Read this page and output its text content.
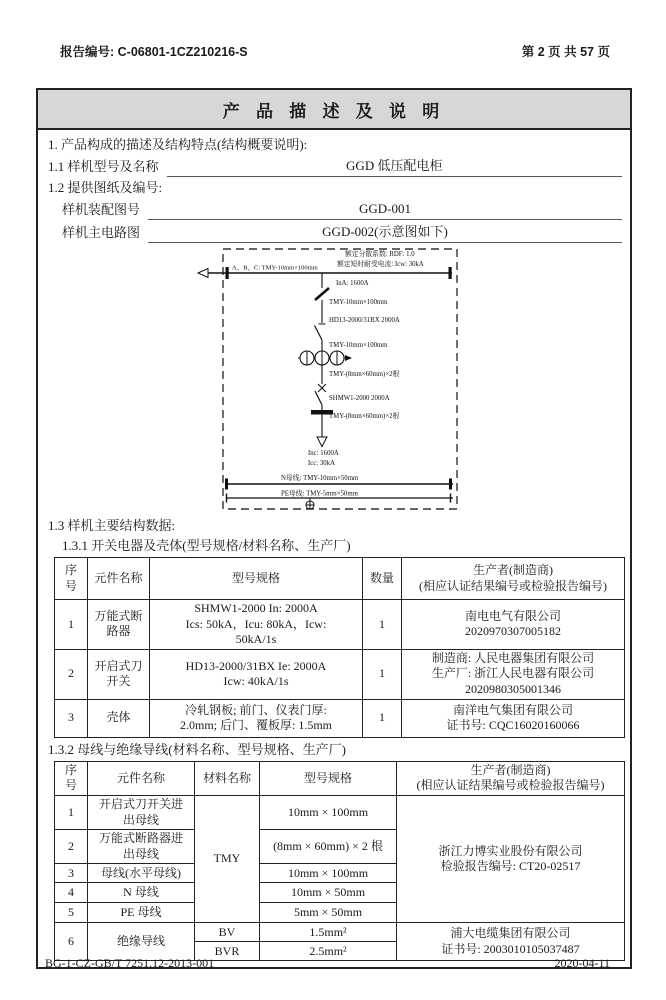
报告编号: C-06801-1CZ210216-S	第 2 页 共 57 页
产 品 描 述 及 说 明
1. 产品构成的描述及结构特点(结构概要说明):
1.1 样机型号及名称	GGD 低压配电柜
1.2 提供图纸及编号:
样机装配图号	GGD-001
样机主电路图	GGD-002(示意图如下)
A、B、C: TMY-10mm×100mm
额定分散系数: RDF: 1.0
额定短时耐受电流: Icw: 30kA
InA: 1600A
TMY-10mm×100mm
HD13-2000/31BX 2000A
TMY-10mm×100mm
TMY-(8mm×60mm)×2根
SHMW1-2000 2000A
TMY-(8mm×60mm)×2根
Inc: 1600A
Icc: 30kA
N母线: TMY-10mm×50mm
PE母线: TMY-5mm×50mm
1.3 样机主要结构数据:
1.3.1 开关电器及壳体(型号规格/材料名称、生产厂)
序
号	元件名称	型号规格	数量	生产者(制造商)
(相应认证结果编号或检验报告编号)
1	万能式断
路器	SHMW1-2000 In: 2000A
Ics: 50kA，Icu: 80kA，Icw:
50kA/1s	1	南电电气有限公司
2020970307005182
2	开启式刀
开关	HD13-2000/31BX Ie: 2000A
Icw: 40kA/1s	1	制造商: 人民电器集团有限公司
生产厂: 浙江人民电器有限公司
2020980305001346
3	壳体	冷轧钢板; 前门、仪表门厚:
2.0mm; 后门、覆板厚: 1.5mm	1	南洋电气集团有限公司
证书号: CQC16020160066
1.3.2 母线与绝缘导线(材料名称、型号规格、生产厂)
序
号	元件名称	材料名称	型号规格	生产者(制造商)
(相应认证结果编号或检验报告编号)
1	开启式刀开关进
出母线	TMY	10mm × 100mm	浙江力博实业股份有限公司
检验报告编号: CT20-02517
2	万能式断路器进
出母线		(8mm × 60mm) × 2 根	
3	母线(水平母线)		10mm × 100mm	
4	N 母线		10mm × 50mm	
5	PE 母线		5mm × 50mm	
6	绝缘导线	BV	1.5mm²	浦大电缆集团有限公司
证书号: 2003010105037487
		BVR	2.5mm²	
BG-1-CZ-GB/T 7251.12-2013-001	2020-04-11
